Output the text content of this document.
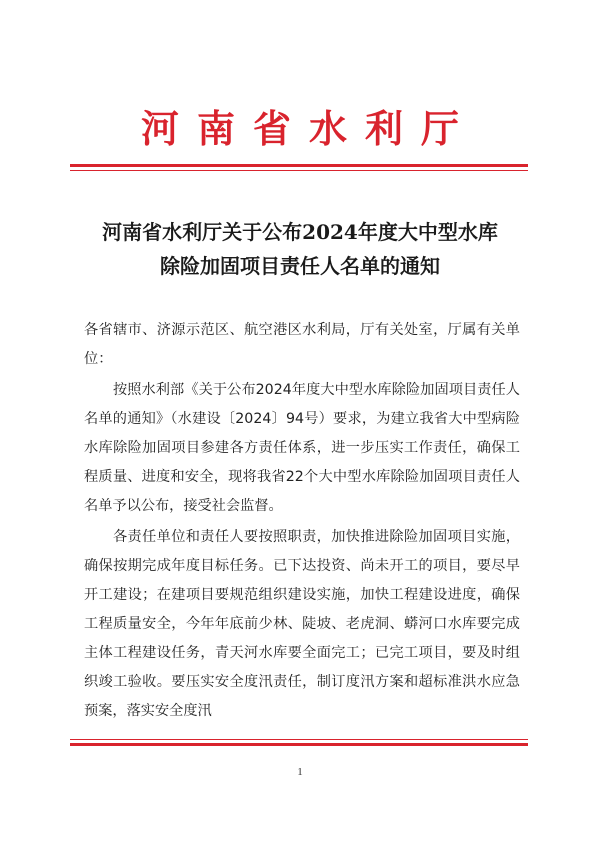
河南省水利厅
河南省水利厅关于公布2024年度大中型水库
除险加固项目责任人名单的通知

各省辖市、济源示范区、航空港区水利局，厅有关处室，厅属有关单位：

按照水利部《关于公布2024年度大中型水库除险加固项目责任人名单的通知》（水建设〔2024〕94号）要求，为建立我省大中型病险水库除险加固项目参建各方责任体系，进一步压实工作责任，确保工程质量、进度和安全，现将我省22个大中型水库除险加固项目责任人名单予以公布，接受社会监督。

各责任单位和责任人要按照职责，加快推进除险加固项目实施，确保按期完成年度目标任务。已下达投资、尚未开工的项目，要尽早开工建设；在建项目要规范组织建设实施，加快工程建设进度，确保工程质量安全，今年年底前少林、陡坡、老虎洞、蟒河口水库要完成主体工程建设任务，青天河水库要全面完工；已完工项目，要及时组织竣工验收。要压实安全度汛责任，制订度汛方案和超标准洪水应急预案，落实安全度汛

1
